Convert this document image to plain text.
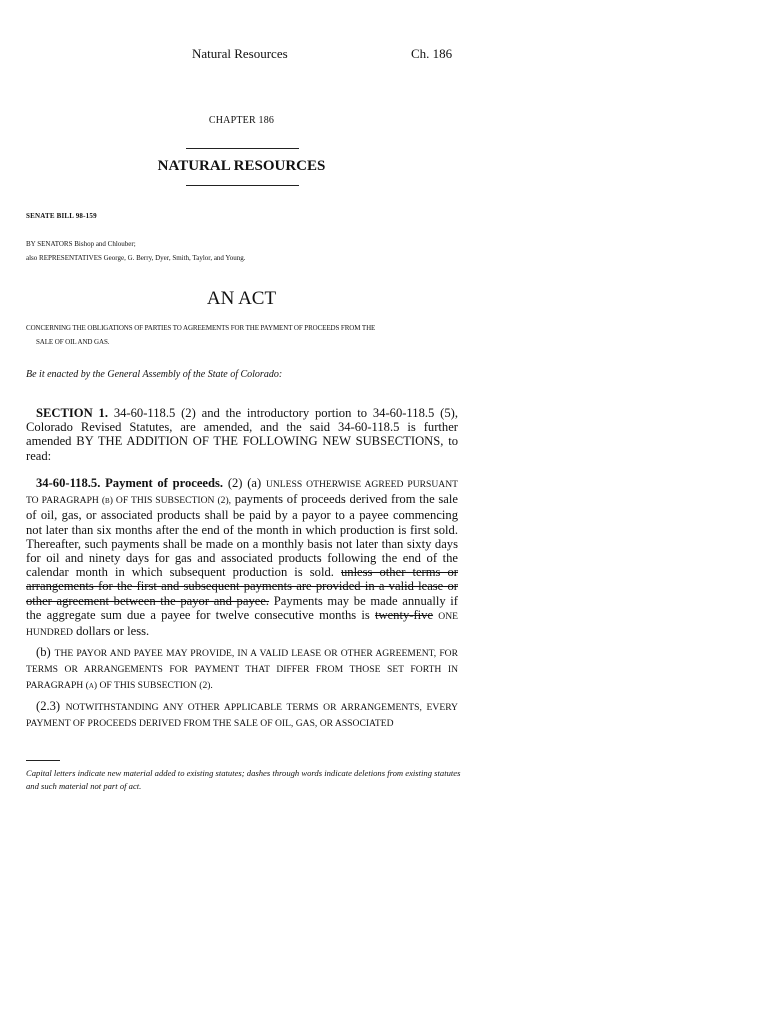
Natural Resources	Ch. 186
CHAPTER 186
NATURAL RESOURCES
SENATE BILL 98-159
BY SENATORS Bishop and Chlouber;
also REPRESENTATIVES George, G. Berry, Dyer, Smith, Taylor, and Young.
AN ACT
CONCERNING THE OBLIGATIONS OF PARTIES TO AGREEMENTS FOR THE PAYMENT OF PROCEEDS FROM THE
SALE OF OIL AND GAS.
Be it enacted by the General Assembly of the State of Colorado:
SECTION 1. 34-60-118.5 (2) and the introductory portion to 34-60-118.5 (5), Colorado Revised Statutes, are amended, and the said 34-60-118.5 is further amended BY THE ADDITION OF THE FOLLOWING NEW SUBSECTIONS, to read:
34-60-118.5. Payment of proceeds. (2) (a) UNLESS OTHERWISE AGREED PURSUANT TO PARAGRAPH (b) OF THIS SUBSECTION (2), payments of proceeds derived from the sale of oil, gas, or associated products shall be paid by a payor to a payee commencing not later than six months after the end of the month in which production is first sold. Thereafter, such payments shall be made on a monthly basis not later than sixty days for oil and ninety days for gas and associated products following the end of the calendar month in which subsequent production is sold. unless other terms or arrangements for the first and subsequent payments are provided in a valid lease or other agreement between the payor and payee. Payments may be made annually if the aggregate sum due a payee for twelve consecutive months is twenty-five ONE HUNDRED dollars or less.
(b) THE PAYOR AND PAYEE MAY PROVIDE, IN A VALID LEASE OR OTHER AGREEMENT, FOR TERMS OR ARRANGEMENTS FOR PAYMENT THAT DIFFER FROM THOSE SET FORTH IN PARAGRAPH (a) OF THIS SUBSECTION (2).
(2.3) NOTWITHSTANDING ANY OTHER APPLICABLE TERMS OR ARRANGEMENTS, EVERY PAYMENT OF PROCEEDS DERIVED FROM THE SALE OF OIL, GAS, OR ASSOCIATED
Capital letters indicate new material added to existing statutes; dashes through words indicate deletions from existing statutes and such material not part of act.
